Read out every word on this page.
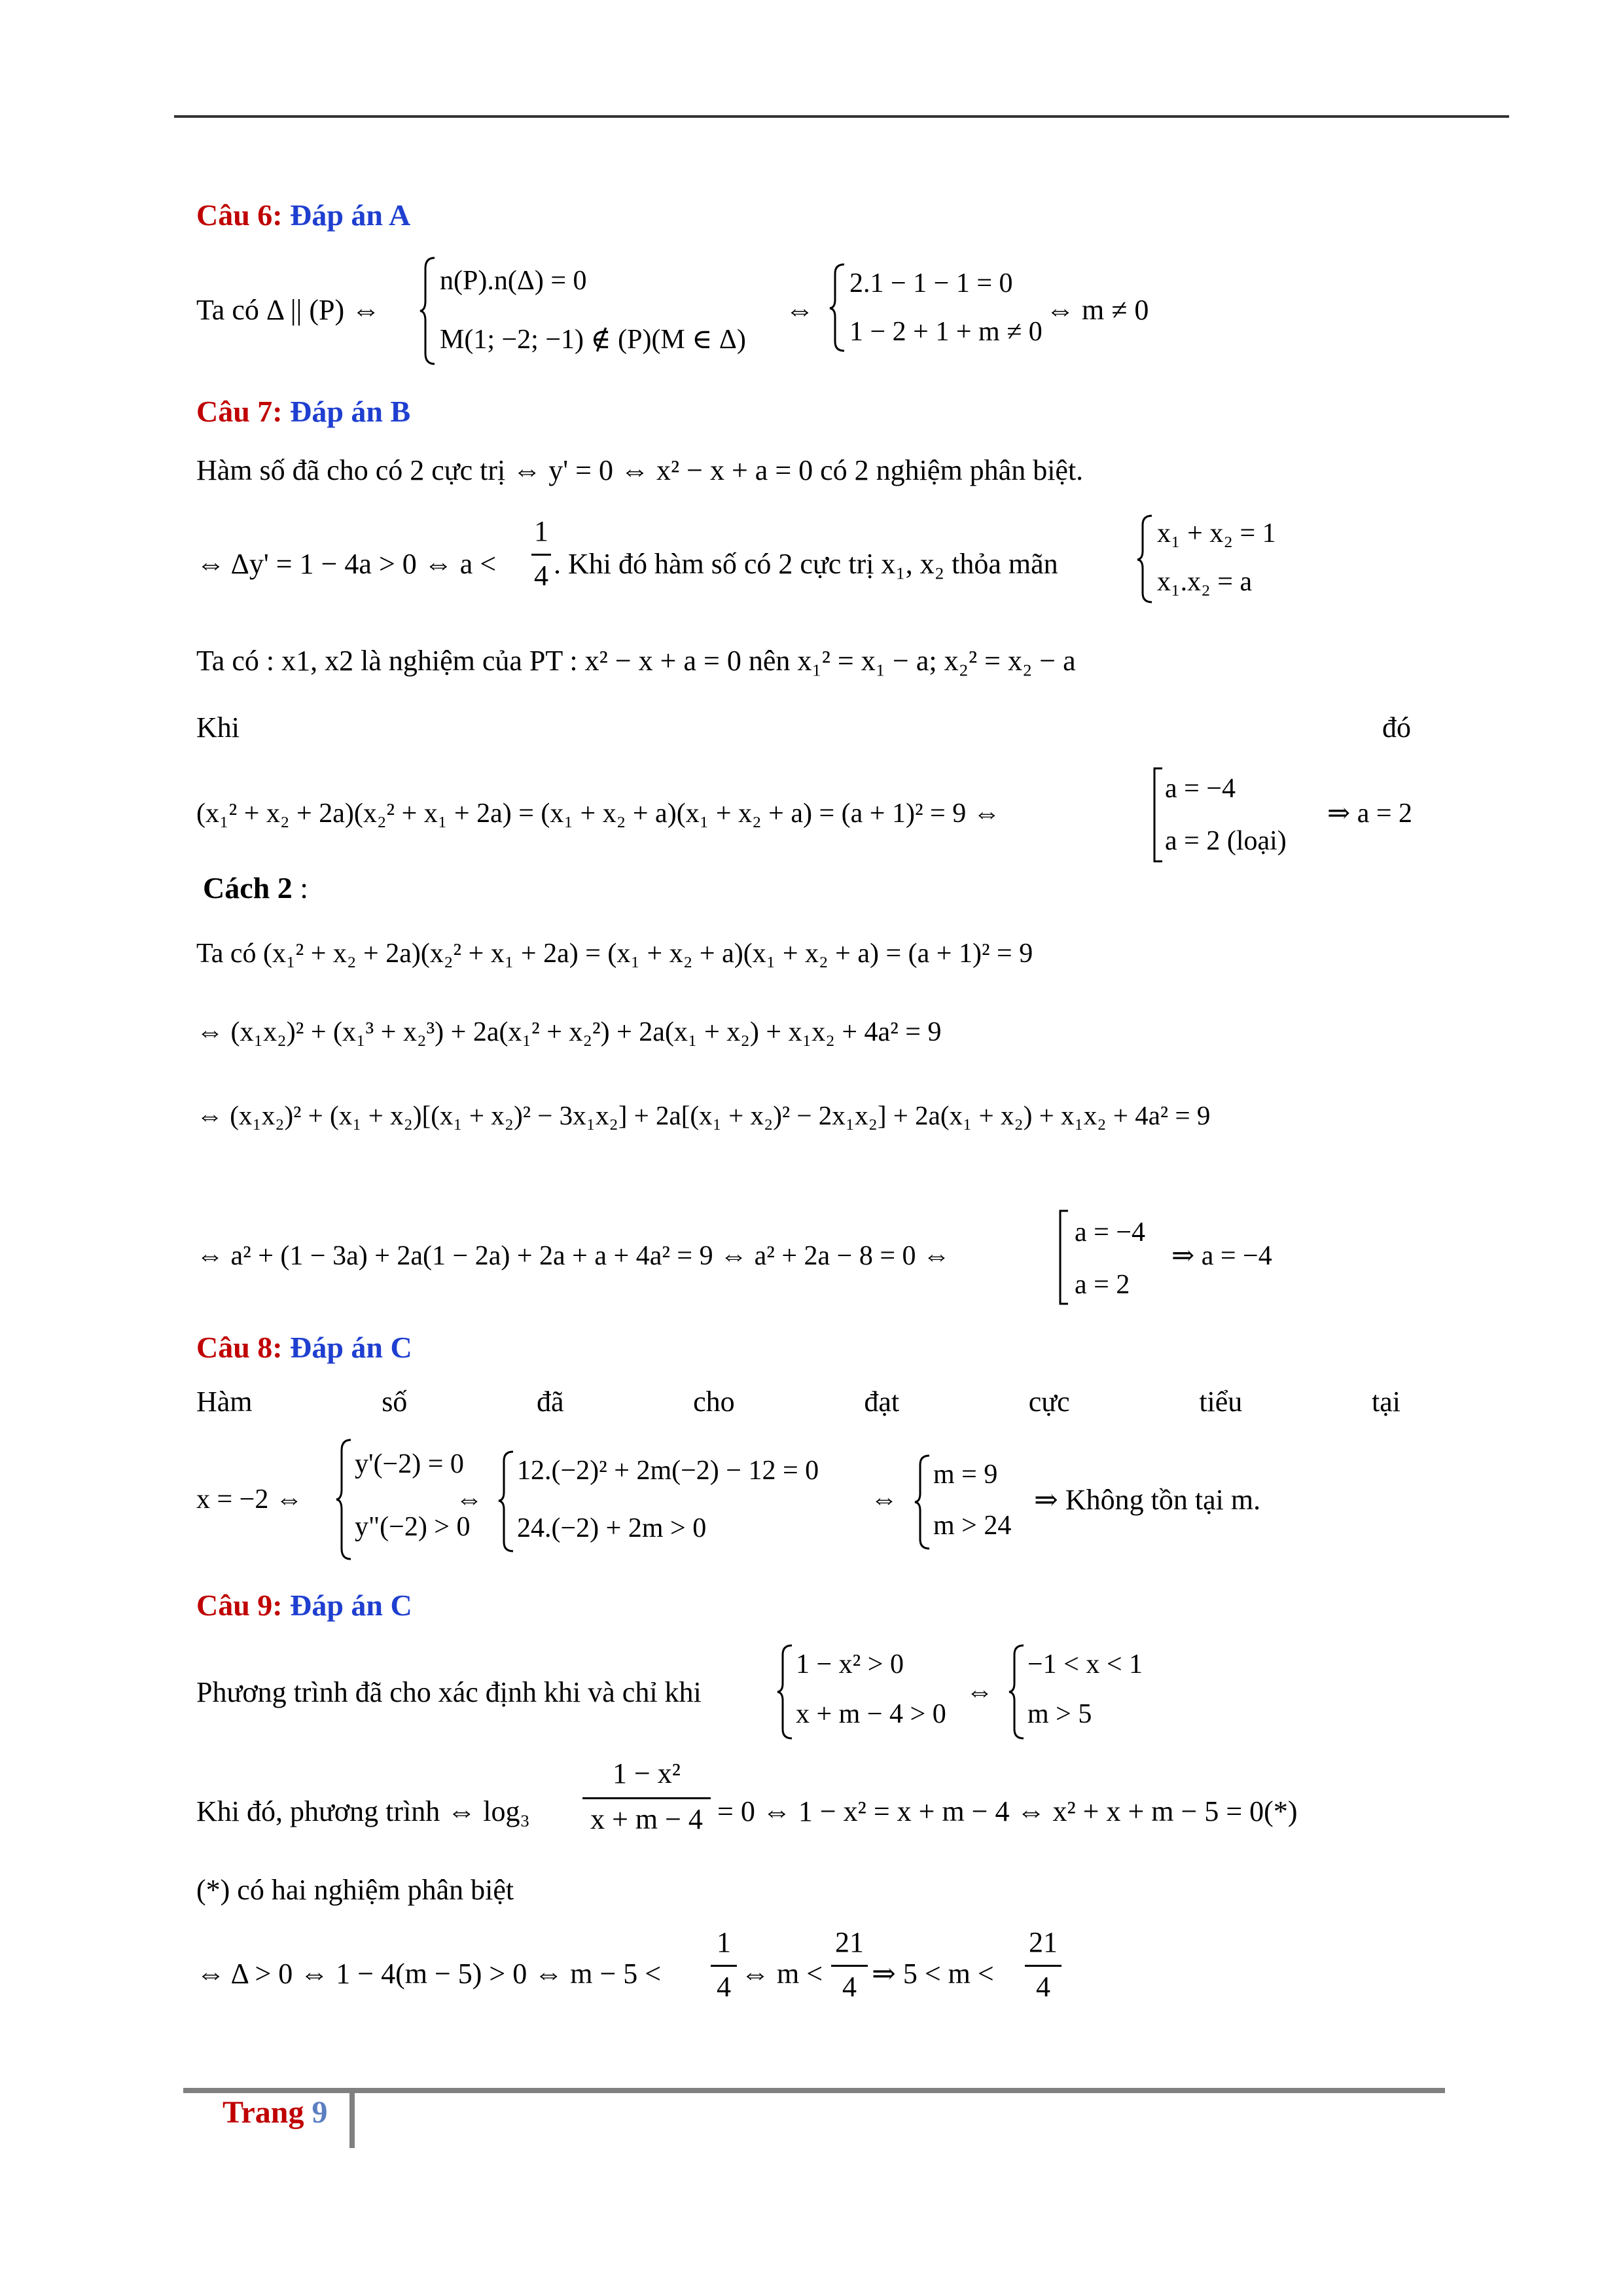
Câu 6: Đáp án A
Ta có Δ || (P) ⇔
n(P).n(Δ) = 0
M(1; −2; −1) ∉ (P)(M ∈ Δ)
⇔
2.1 − 1 − 1 = 0
1 − 2 + 1 + m ≠ 0
⇔ m ≠ 0
Câu 7: Đáp án B
Hàm số đã cho có 2 cực trị ⇔ y' = 0 ⇔ x² − x + a = 0 có 2 nghiệm phân biệt.
⇔ Δy' = 1 − 4a > 0 ⇔ a <
1
4 . Khi đó hàm số có 2 cực trị x₁, x₂ thỏa mãn
x₁ + x₂ = 1
x₁.x₂ = a
Ta có : x1, x2 là nghiệm của PT : x² − x + a = 0 nên x₁² = x₁ − a; x₂² = x₂ − a
Khi	đó
(x₁² + x₂ + 2a)(x₂² + x₁ + 2a) = (x₁ + x₂ + a)(x₁ + x₂ + a) = (a + 1)² = 9 ⇔
a = −4
a = 2 (loại)
⇒ a = 2
Cách 2 :
Ta có (x₁² + x₂ + 2a)(x₂² + x₁ + 2a) = (x₁ + x₂ + a)(x₁ + x₂ + a) = (a + 1)² = 9
⇔ (x₁x₂)² + (x₁³ + x₂³) + 2a(x₁² + x₂²) + 2a(x₁ + x₂) + x₁x₂ + 4a² = 9
⇔ (x₁x₂)² + (x₁ + x₂)[(x₁ + x₂)² − 3x₁x₂] + 2a[(x₁ + x₂)² − 2x₁x₂] + 2a(x₁ + x₂) + x₁x₂ + 4a² = 9
⇔ a² + (1 − 3a) + 2a(1 − 2a) + 2a + a + 4a² = 9 ⇔ a² + 2a − 8 = 0 ⇔
a = −4
a = 2
⇒ a = −4
Câu 8: Đáp án C
Hàm	số	đã	cho	đạt	cực	tiểu	tại
x = −2 ⇔
y'(−2) = 0
y"(−2) > 0
⇔
12.(−2)² + 2m(−2) − 12 = 0
24.(−2) + 2m > 0
⇔
m = 9
m > 24
⇒ Không tồn tại m.
Câu 9: Đáp án C
Phương trình đã cho xác định khi và chỉ khi
1 − x² > 0
x + m − 4 > 0
⇔
−1 < x < 1
m > 5
Khi đó, phương trình ⇔ log₃
1 − x²
x + m − 4 = 0 ⇔ 1 − x² = x + m − 4 ⇔ x² + x + m − 5 = 0(*)
(*) có hai nghiệm phân biệt
⇔ Δ > 0 ⇔ 1 − 4(m − 5) > 0 ⇔ m − 5 <
1
4 ⇔ m <
21
4 ⇒ 5 < m <
21
4
Trang 9
